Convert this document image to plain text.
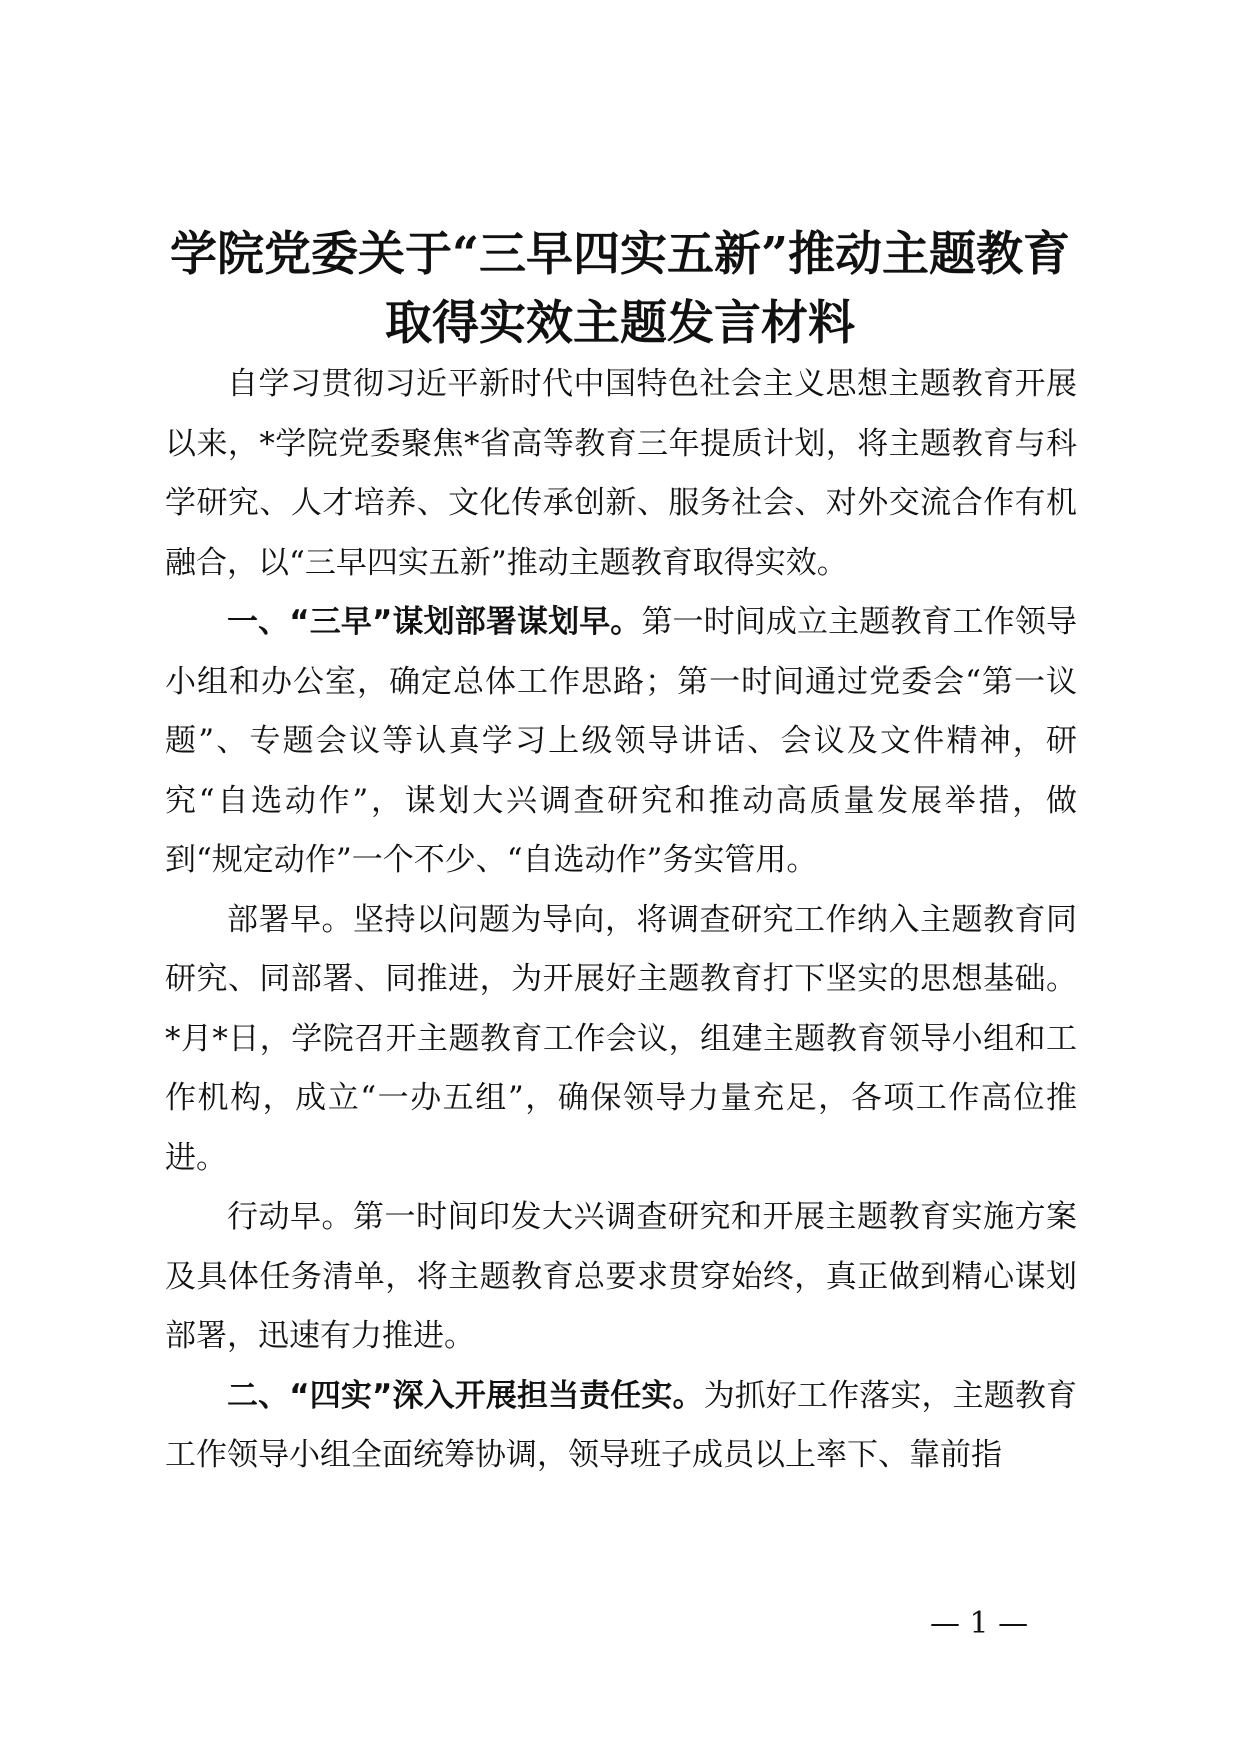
学院党委关于“三早四实五新”推动主题教育
取得实效主题发言材料

自学习贯彻习近平新时代中国特色社会主义思想主题教育开展以来，*学院党委聚焦*省高等教育三年提质计划，将主题教育与科学研究、人才培养、文化传承创新、服务社会、对外交流合作有机融合，以“三早四实五新”推动主题教育取得实效。

一、“三早”谋划部署谋划早。第一时间成立主题教育工作领导小组和办公室，确定总体工作思路；第一时间通过党委会“第一议题”、专题会议等认真学习上级领导讲话、会议及文件精神，研究“自选动作”，谋划大兴调查研究和推动高质量发展举措，做到“规定动作”一个不少、“自选动作”务实管用。

部署早。坚持以问题为导向，将调查研究工作纳入主题教育同研究、同部署、同推进，为开展好主题教育打下坚实的思想基础。*月*日，学院召开主题教育工作会议，组建主题教育领导小组和工作机构，成立“一办五组”，确保领导力量充足，各项工作高位推进。

行动早。第一时间印发大兴调查研究和开展主题教育实施方案及具体任务清单，将主题教育总要求贯穿始终，真正做到精心谋划部署，迅速有力推进。

二、“四实”深入开展担当责任实。为抓好工作落实，主题教育工作领导小组全面统筹协调，领导班子成员以上率下、靠前指

— 1 —
